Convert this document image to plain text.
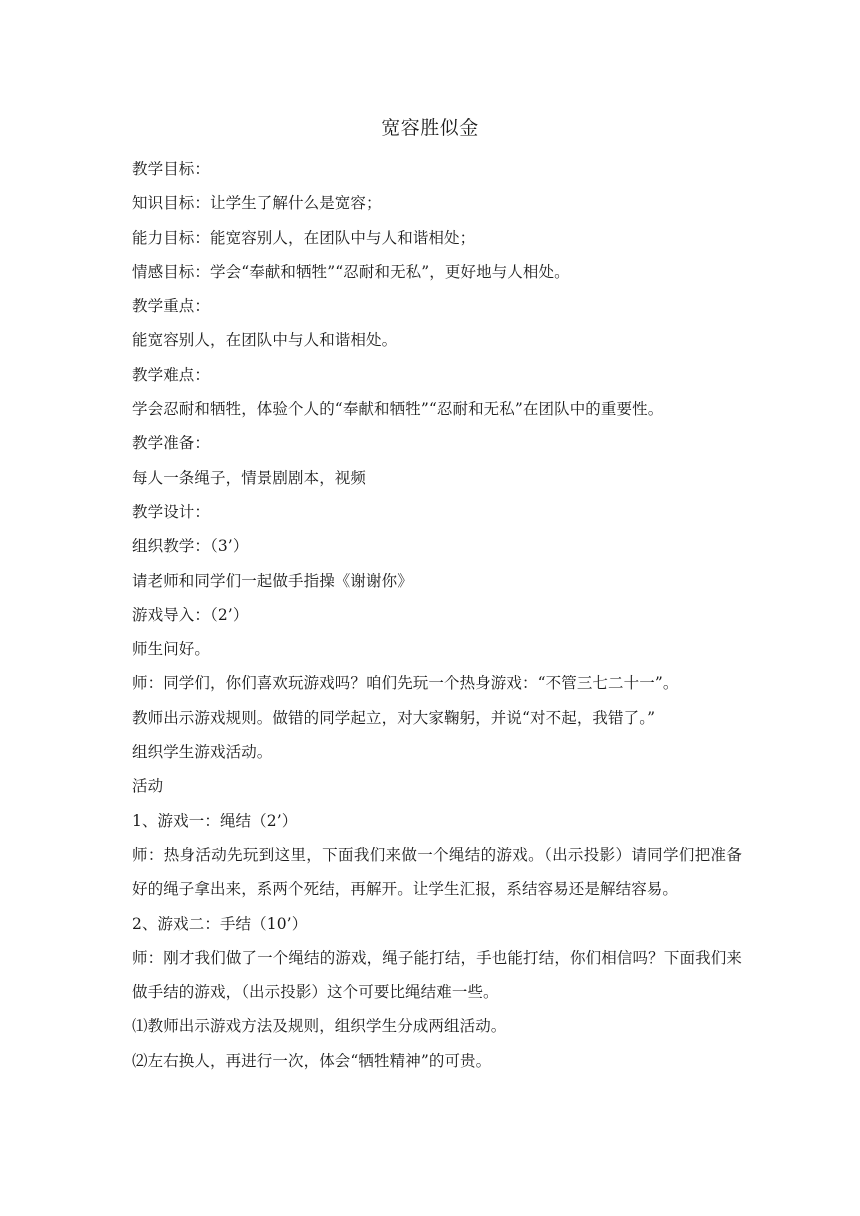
宽容胜似金

教学目标：

知识目标：让学生了解什么是宽容；

能力目标：能宽容别人，在团队中与人和谐相处；

情感目标：学会“奉献和牺牲”“忍耐和无私”，更好地与人相处。

教学重点：

能宽容别人，在团队中与人和谐相处。

教学难点：

学会忍耐和牺牲，体验个人的“奉献和牺牲”“忍耐和无私”在团队中的重要性。

教学准备：

每人一条绳子，情景剧剧本，视频

教学设计：

组织教学：（3’）

请老师和同学们一起做手指操《谢谢你》

游戏导入：（2’）

师生问好。

师：同学们，你们喜欢玩游戏吗？咱们先玩一个热身游戏：“不管三七二十一”。

教师出示游戏规则。做错的同学起立，对大家鞠躬，并说“对不起，我错了。”

组织学生游戏活动。

活动

1、游戏一：绳结（2’）

师：热身活动先玩到这里，下面我们来做一个绳结的游戏。（出示投影）请同学们把准备好的绳子拿出来，系两个死结，再解开。让学生汇报，系结容易还是解结容易。

2、游戏二：手结（10’）

师：刚才我们做了一个绳结的游戏，绳子能打结，手也能打结，你们相信吗？下面我们来做手结的游戏，（出示投影）这个可要比绳结难一些。

⑴教师出示游戏方法及规则，组织学生分成两组活动。

⑵左右换人，再进行一次，体会“牺牲精神”的可贵。
